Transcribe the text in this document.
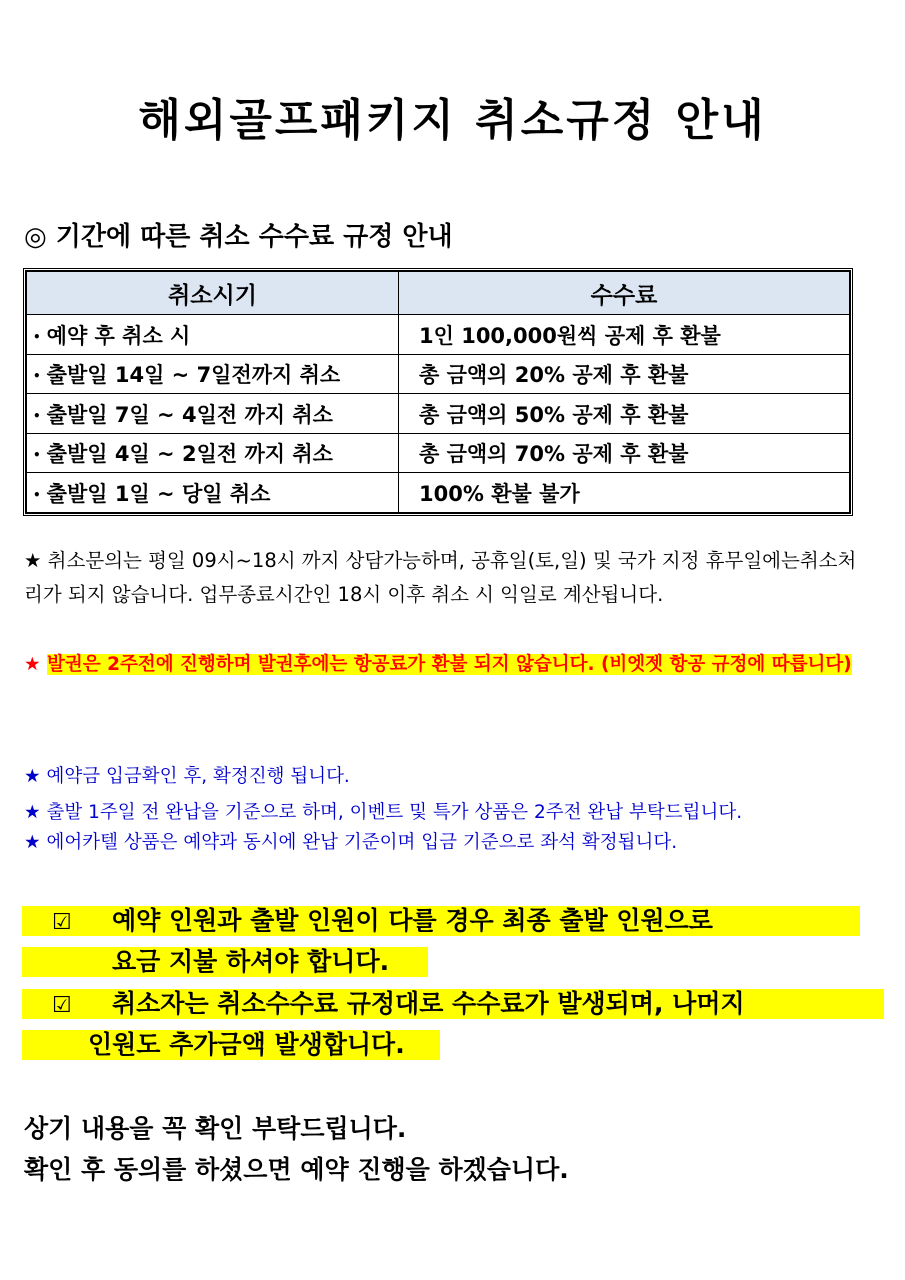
해외골프패키지 취소규정 안내
◎ 기간에 따른 취소 수수료 규정 안내
취소시기	수수료
• 예약 후 취소 시	1인 100,000원씩 공제 후 환불
• 출발일 14일 ~ 7일전까지 취소	총 금액의 20% 공제 후 환불
• 출발일 7일 ~ 4일전 까지 취소	총 금액의 50% 공제 후 환불
• 출발일 4일 ~ 2일전 까지 취소	총 금액의 70% 공제 후 환불
• 출발일 1일 ~ 당일 취소	100% 환불 불가
★ 취소문의는 평일 09시~18시 까지 상담가능하며, 공휴일(토,일) 및 국가 지정 휴무일에는취소처리가 되지 않습니다. 업무종료시간인 18시 이후 취소 시 익일로 계산됩니다.
★ 발권은 2주전에 진행하며 발권후에는 항공료가 환불 되지 않습니다. (비엣젯 항공 규정에 따릅니다)
★ 예약금 입금확인 후, 확정진행 됩니다.
★ 출발 1주일 전 완납을 기준으로 하며, 이벤트 및 특가 상품은 2주전 완납 부탁드립니다.
★ 에어카텔 상품은 예약과 동시에 완납 기준이며 입금 기준으로 좌석 확정됩니다.
☑ 예약 인원과 출발 인원이 다를 경우 최종 출발 인원으로
요금 지불 하셔야 합니다.
☑ 취소자는 취소수수료 규정대로 수수료가 발생되며, 나머지
인원도 추가금액 발생합니다.
상기 내용을 꼭 확인 부탁드립니다.
확인 후 동의를 하셨으면 예약 진행을 하겠습니다.
